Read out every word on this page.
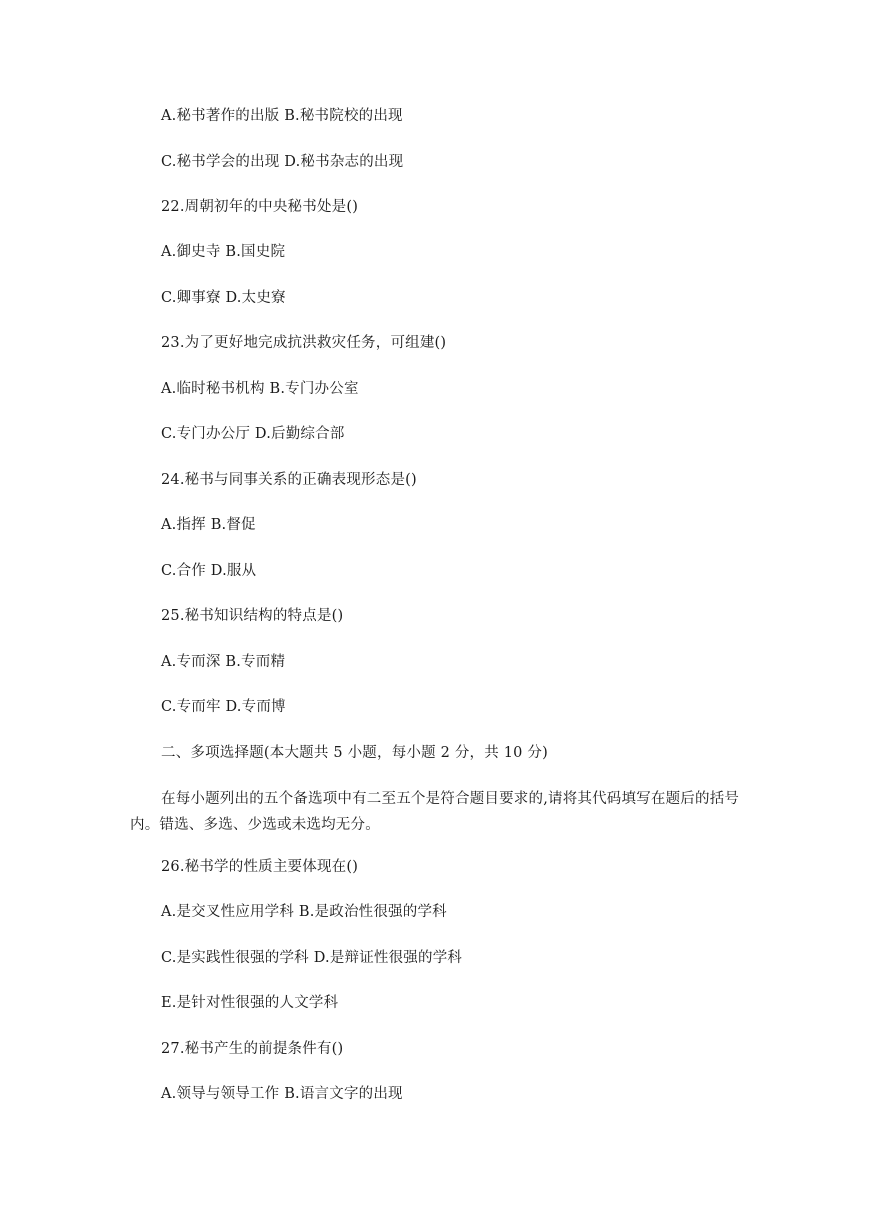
A.秘书著作的出版 B.秘书院校的出现
C.秘书学会的出现 D.秘书杂志的出现
22.周朝初年的中央秘书处是()
A.御史寺 B.国史院
C.卿事寮 D.太史寮
23.为了更好地完成抗洪救灾任务，可组建()
A.临时秘书机构 B.专门办公室
C.专门办公厅 D.后勤综合部
24.秘书与同事关系的正确表现形态是()
A.指挥 B.督促
C.合作 D.服从
25.秘书知识结构的特点是()
A.专而深 B.专而精
C.专而牢 D.专而博
二、多项选择题(本大题共 5 小题，每小题 2 分，共 10 分)
在每小题列出的五个备选项中有二至五个是符合题目要求的,请将其代码填写在题后的括号内。错选、多选、少选或未选均无分。
26.秘书学的性质主要体现在()
A.是交叉性应用学科 B.是政治性很强的学科
C.是实践性很强的学科 D.是辩证性很强的学科
E.是针对性很强的人文学科
27.秘书产生的前提条件有()
A.领导与领导工作 B.语言文字的出现
